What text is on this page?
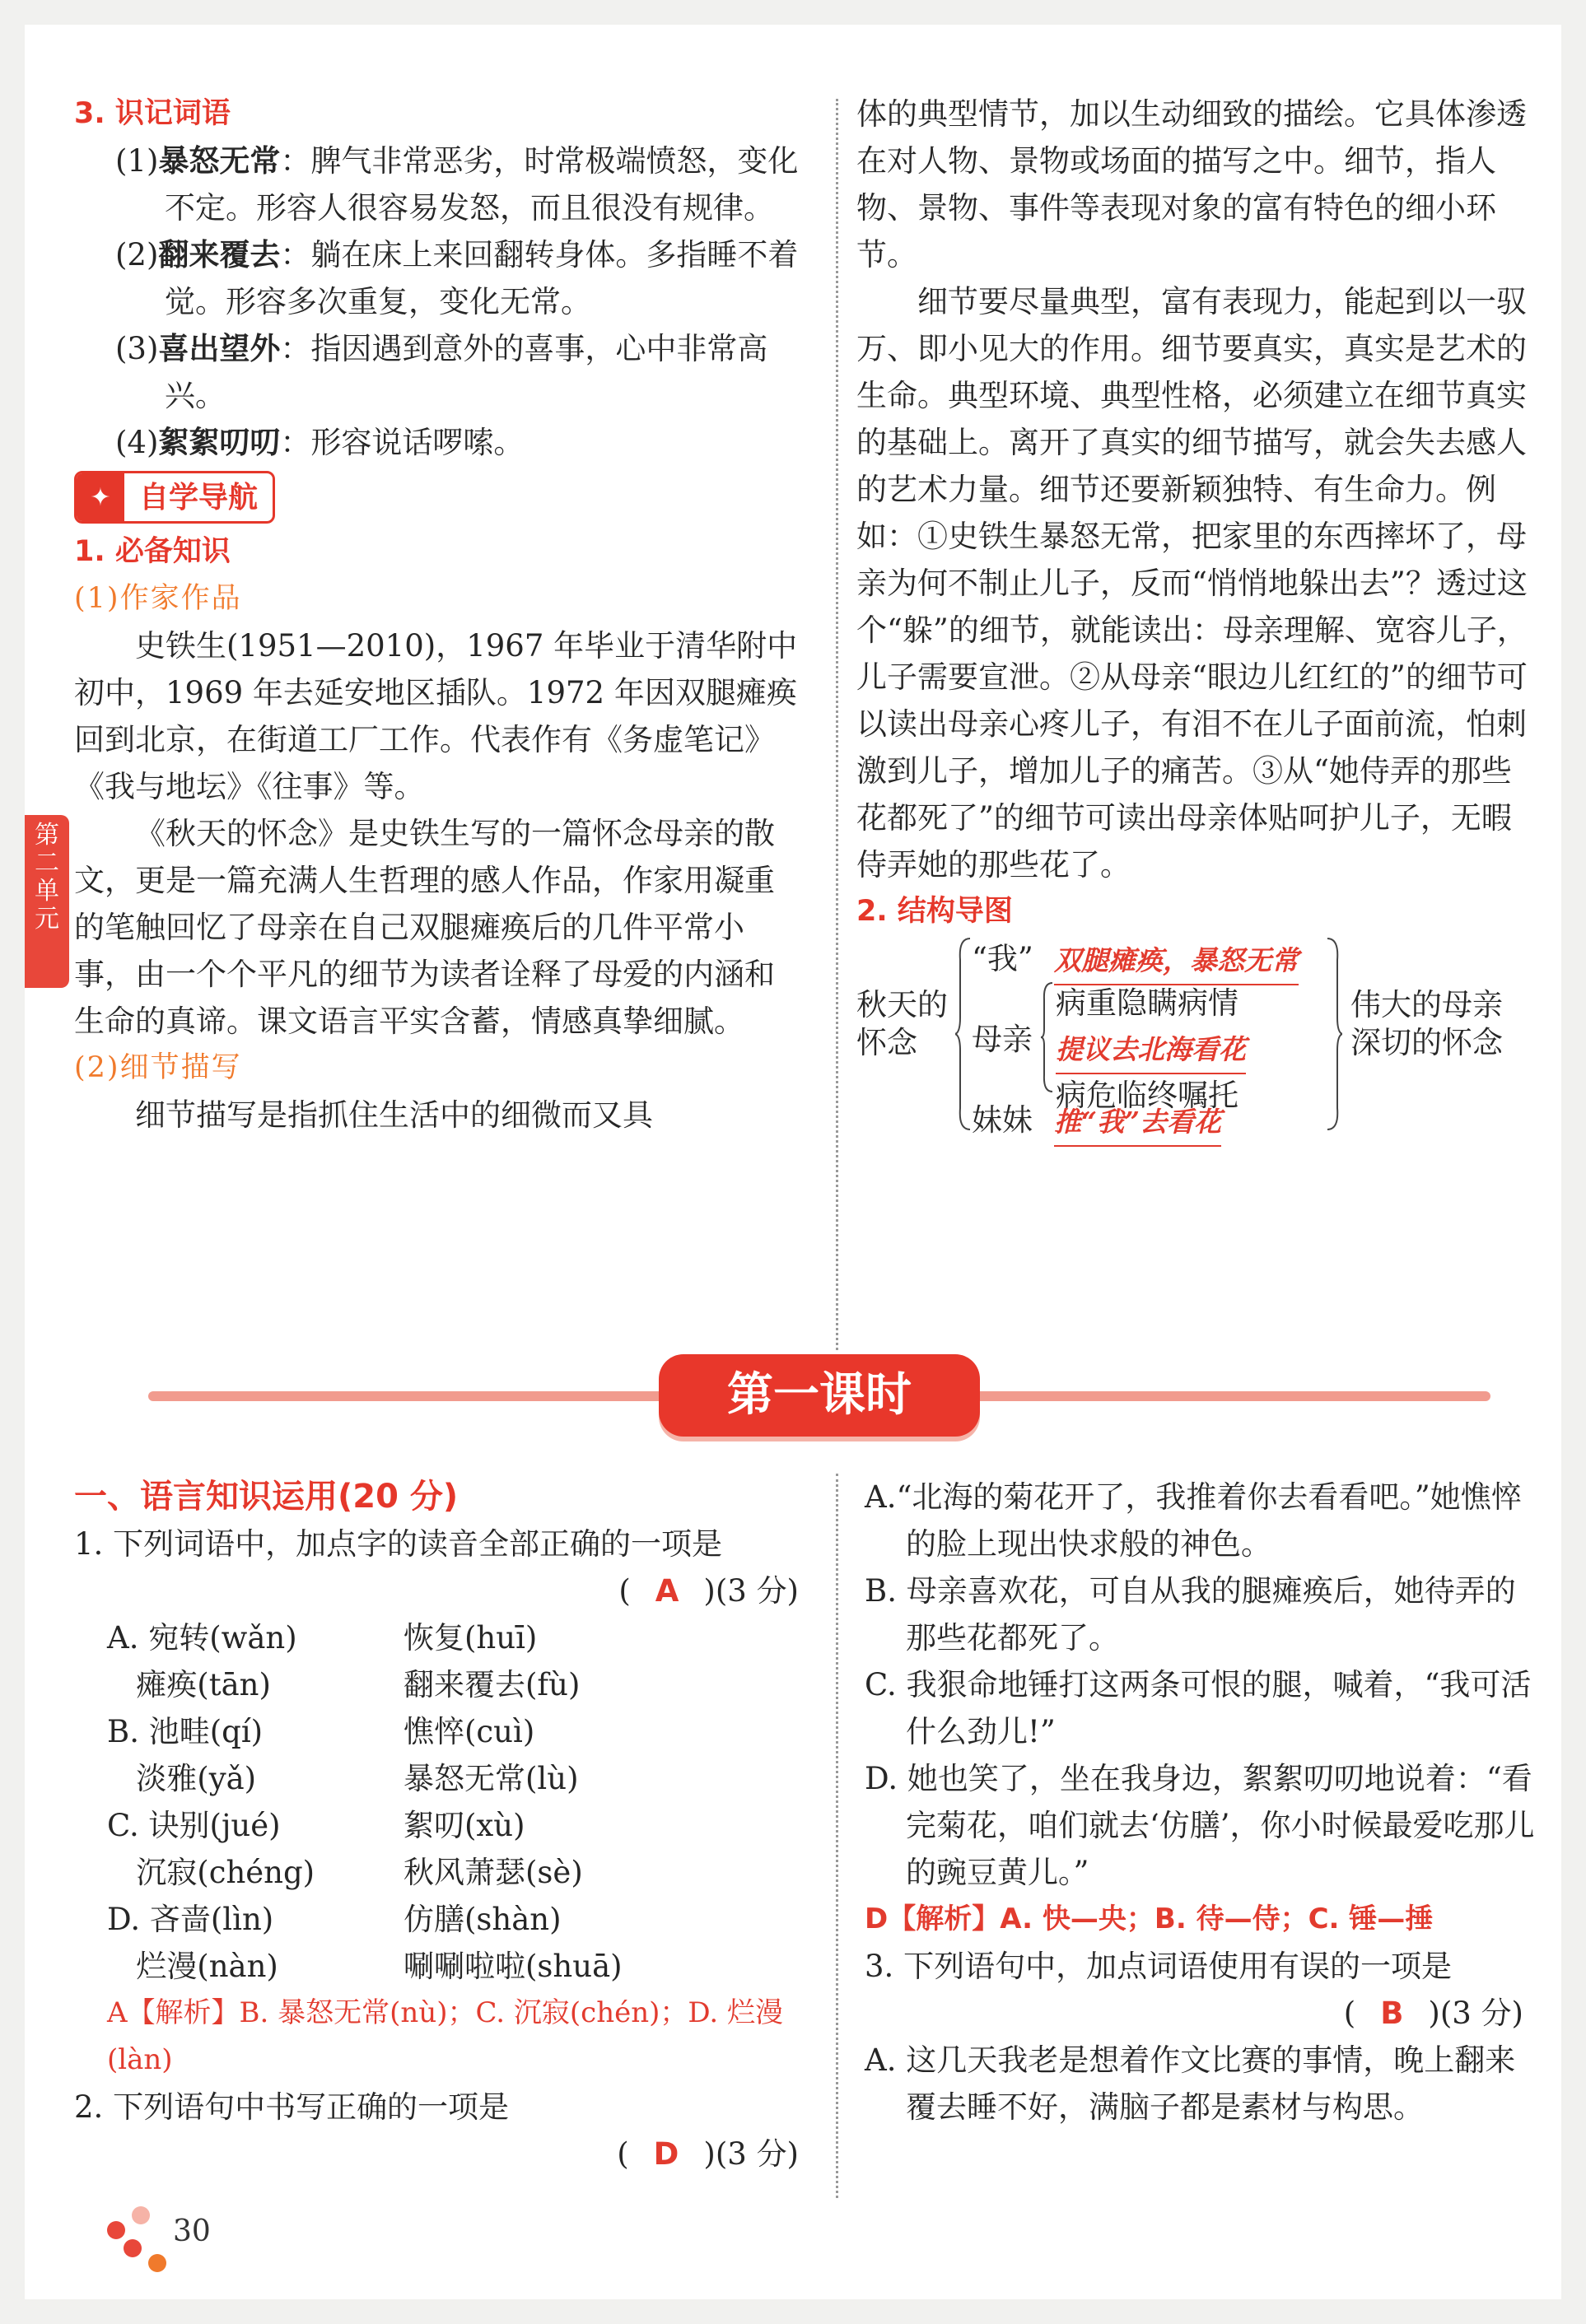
第二单元
3. 识记词语
(1)暴怒无常：脾气非常恶劣，时常极端愤怒，变化不定。形容人很容易发怒，而且很没有规律。
(2)翻来覆去：躺在床上来回翻转身体。多指睡不着觉。形容多次重复，变化无常。
(3)喜出望外：指因遇到意外的喜事，心中非常高兴。
(4)絮絮叨叨：形容说话啰嗦。
✦ 自学导航
1. 必备知识
(1)作家作品

史铁生(1951—2010)，1967 年毕业于清华附中初中，1969 年去延安地区插队。1972 年因双腿瘫痪回到北京，在街道工厂工作。代表作有《务虚笔记》《我与地坛》《往事》等。

《秋天的怀念》是史铁生写的一篇怀念母亲的散文，更是一篇充满人生哲理的感人作品，作家用凝重的笔触回忆了母亲在自己双腿瘫痪后的几件平常小事，由一个个平凡的细节为读者诠释了母爱的内涵和生命的真谛。课文语言平实含蓄，情感真挚细腻。

(2)细节描写

细节描写是指抓住生活中的细微而又具

体的典型情节，加以生动细致的描绘。它具体渗透在对人物、景物或场面的描写之中。细节，指人物、景物、事件等表现对象的富有特色的细小环节。

细节要尽量典型，富有表现力，能起到以一驭万、即小见大的作用。细节要真实，真实是艺术的生命。典型环境、典型性格，必须建立在细节真实的基础上。离开了真实的细节描写，就会失去感人的艺术力量。细节还要新颖独特、有生命力。例如：①史铁生暴怒无常，把家里的东西摔坏了，母亲为何不制止儿子，反而“悄悄地躲出去”？透过这个“躲”的细节，就能读出：母亲理解、宽容儿子，儿子需要宣泄。②从母亲“眼边儿红红的”的细节可以读出母亲心疼儿子，有泪不在儿子面前流，怕刺激到儿子，增加儿子的痛苦。③从“她侍弄的那些花都死了”的细节可读出母亲体贴呵护儿子，无暇侍弄她的那些花了。

2. 结构导图
秋天的
怀念
“我” 双腿瘫痪，暴怒无常
母亲
病重隐瞒病情
提议去北海看花
病危临终嘱托
妹妹 推“我”去看花
伟大的母亲
深切的怀念
第一课时
一、语言知识运用(20 分)

1. 下列词语中，加点字的读音全部正确的一项是

( A )(3 分)
A. 宛转(wǎn)	恢复(huī)
瘫痪(tān)	翻来覆去(fù)
B. 池畦(qí)	憔悴(cuì)
淡雅(yǎ)	暴怒无常(lù)
C. 诀别(jué)	絮叨(xù)
沉寂(chéng)	秋风萧瑟(sè)
D. 吝啬(lìn)	仿膳(shàn)
烂漫(nàn)	唰唰啦啦(shuā)

A【解析】B. 暴怒无常(nù)；C. 沉寂(chén)；D. 烂漫(làn)

2. 下列语句中书写正确的一项是

( D )(3 分)

A.“北海的菊花开了，我推着你去看看吧。”她憔悴的脸上现出快求般的神色。

B. 母亲喜欢花，可自从我的腿瘫痪后，她待弄的那些花都死了。

C. 我狠命地锤打这两条可恨的腿，喊着，“我可活什么劲儿!”

D. 她也笑了，坐在我身边，絮絮叨叨地说着：“看完菊花，咱们就去‘仿膳’，你小时候最爱吃那儿的豌豆黄儿。”

D【解析】A. 快—央；B. 待—侍；C. 锤—捶

3. 下列语句中，加点词语使用有误的一项是

( B )(3 分)

A. 这几天我老是想着作文比赛的事情，晚上翻来覆去睡不好，满脑子都是素材与构思。

30
